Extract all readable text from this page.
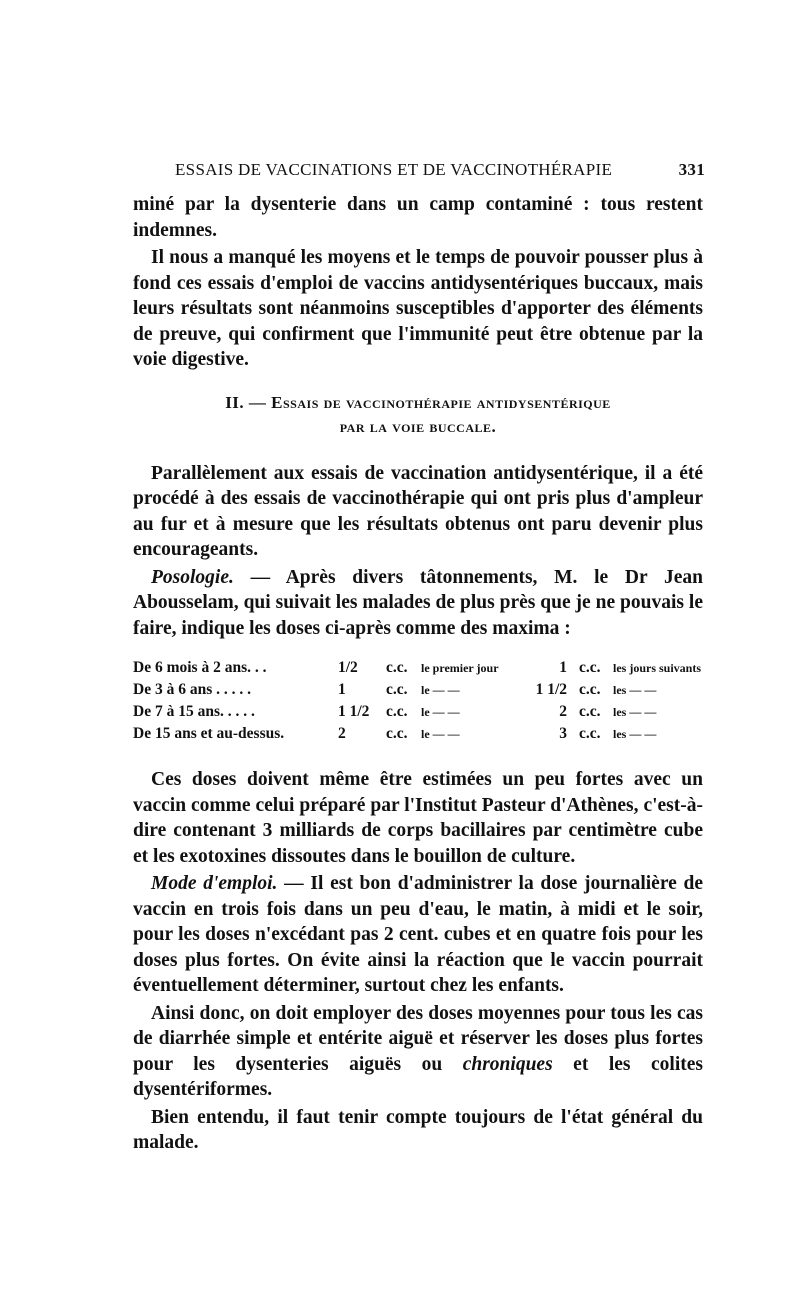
ESSAIS DE VACCINATIONS ET DE VACCINOTHÉRAPIE	331

miné par la dysenterie dans un camp contaminé : tous restent indemnes.

Il nous a manqué les moyens et le temps de pouvoir pousser plus à fond ces essais d'emploi de vaccins antidysentériques buccaux, mais leurs résultats sont néanmoins susceptibles d'apporter des éléments de preuve, qui confirment que l'immunité peut être obtenue par la voie digestive.

II. — Essais de vaccinothérapie antidysentérique
par la voie buccale.

Parallèlement aux essais de vaccination antidysentérique, il a été procédé à des essais de vaccinothérapie qui ont pris plus d'ampleur au fur et à mesure que les résultats obtenus ont paru devenir plus encourageants.

Posologie. — Après divers tâtonnements, M. le Dr Jean Abousselam, qui suivait les malades de plus près que je ne pouvais le faire, indique les doses ci-après comme des maxima :

De 6 mois à 2 ans. . .	1/2	c.c.	le premier jour	1 c.c.	les jours suivants
De 3 à 6 ans . . . . .	1	c.c.	le — —	1 1/2 c.c.	les — —
De 7 à 15 ans. . . . .	1 1/2	c.c.	le — —	2 c.c.	les — —
De 15 ans et au-dessus.	2	c.c.	le — —	3 c.c.	les — —

Ces doses doivent même être estimées un peu fortes avec un vaccin comme celui préparé par l'Institut Pasteur d'Athènes, c'est-à-dire contenant 3 milliards de corps bacillaires par centimètre cube et les exotoxines dissoutes dans le bouillon de culture.

Mode d'emploi. — Il est bon d'administrer la dose journalière de vaccin en trois fois dans un peu d'eau, le matin, à midi et le soir, pour les doses n'excédant pas 2 cent. cubes et en quatre fois pour les doses plus fortes. On évite ainsi la réaction que le vaccin pourrait éventuellement déterminer, surtout chez les enfants.

Ainsi donc, on doit employer des doses moyennes pour tous les cas de diarrhée simple et entérite aiguë et réserver les doses plus fortes pour les dysenteries aiguës ou chroniques et les colites dysentériformes.

Bien entendu, il faut tenir compte toujours de l'état général du malade.
